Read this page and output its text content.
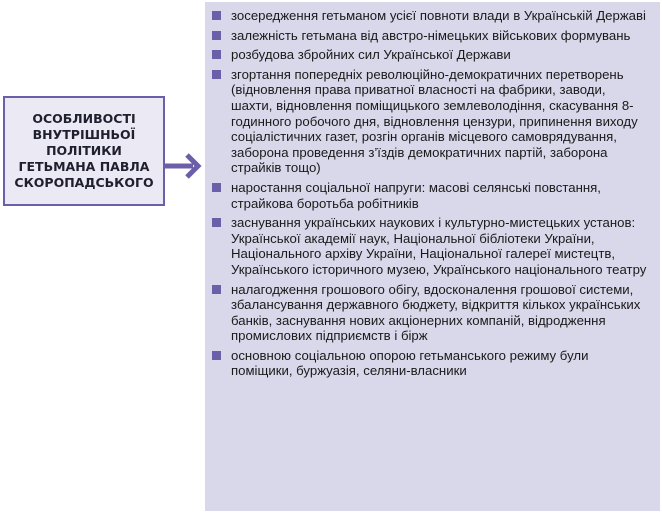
ОСОБЛИВОСТІ ВНУТРІШНЬОЇ ПОЛІТИКИ ГЕТЬМАНА ПАВЛА СКОРОПАДСЬКОГО
зосередження гетьманом усієї повноти влади в Українській Державі
залежність гетьмана від австро-німецьких військових формувань
розбудова збройних сил Української Держави
згортання попередніх революційно-демократичних перетворень (відновлення права приватної власності на фабрики, заводи, шахти, відновлення поміщицького землеволодіння, скасування 8-годинного робочого дня, відновлення цензури, припинення виходу соціалістичних газет, розгін органів місцевого самоврядування, заборона проведення з’їздів демократичних партій, заборона страйків тощо)
наростання соціальної напруги: масові селянські повстання, страйкова боротьба робітників
заснування українських наукових і культурно-мистецьких установ: Української академії наук, Національної бібліотеки України, Національного архіву України, Національної галереї мистецтв, Українського історичного музею, Українського національного театру
налагодження грошового обігу, вдосконалення грошової системи, збалансування державного бюджету, відкриття кількох українських банків, заснування нових акціонерних компаній, відродження промислових підприємств і бірж
основною соціальною опорою гетьманського режиму були поміщики, буржуазія, селяни-власники
